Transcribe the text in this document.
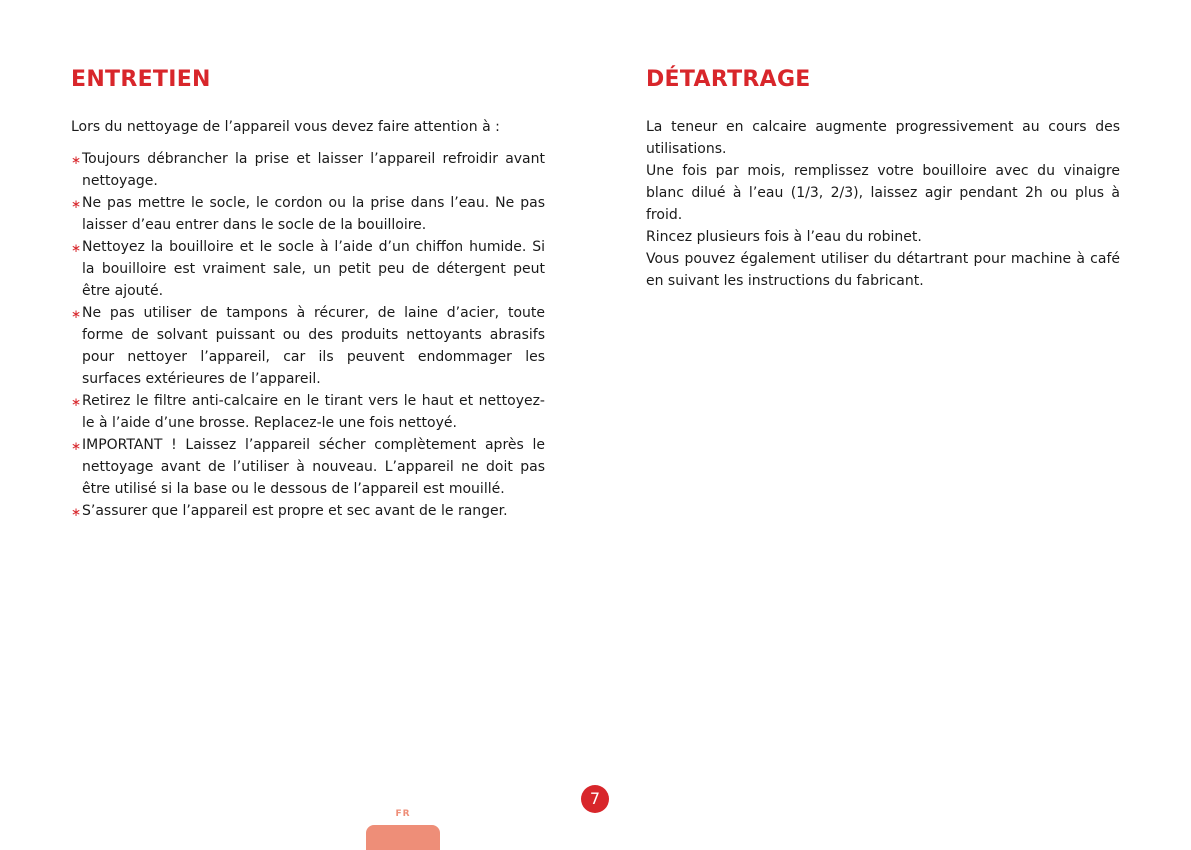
ENTRETIEN

Lors du nettoyage de l’appareil vous devez faire attention à :

∗ Toujours débrancher la prise et laisser l’appareil refroidir avant nettoyage.
∗ Ne pas mettre le socle, le cordon ou la prise dans l’eau. Ne pas laisser d’eau entrer dans le socle de la bouilloire.
∗ Nettoyez la bouilloire et le socle à l’aide d’un chiffon humide. Si la bouilloire est vraiment sale, un petit peu de détergent peut être ajouté.
∗ Ne pas utiliser de tampons à récurer, de laine d’acier, toute forme de solvant puissant ou des produits nettoyants abrasifs pour nettoyer l’appareil, car ils peuvent endommager les surfaces extérieures de l’appareil.
∗ Retirez le filtre anti-calcaire en le tirant vers le haut et nettoyez-le à l’aide d’une brosse. Replacez-le une fois nettoyé.
∗ IMPORTANT ! Laissez l’appareil sécher complètement après le nettoyage avant de l’utiliser à nouveau. L’appareil ne doit pas être utilisé si la base ou le dessous de l’appareil est mouillé.
∗ S’assurer que l’appareil est propre et sec avant de le ranger.
DÉTARTRAGE

La teneur en calcaire augmente progressivement au cours des utilisations.

Une fois par mois, remplissez votre bouilloire avec du vinaigre blanc dilué à l’eau (1/3, 2/3), laissez agir pendant 2h ou plus à froid.

Rincez plusieurs fois à l’eau du robinet.

Vous pouvez également utiliser du détartrant pour machine à café en suivant les instructions du fabricant.

7
FR
